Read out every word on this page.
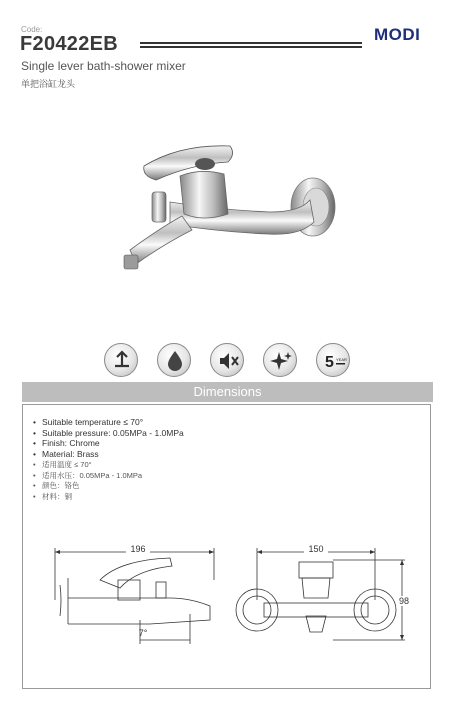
Code:
F20422EB	MODI
Single lever bath-shower mixer
单把浴缸龙头
5 YEAR
Dimensions
• Suitable temperature ≤ 70°
• Suitable pressure: 0.05MPa - 1.0MPa
• Finish: Chrome
• Material: Brass
• 适用温度 ≤ 70°
• 适用水压：0.05MPa - 1.0MPa
• 颜色：铬色
• 材料：铜
196
7°
150
98
